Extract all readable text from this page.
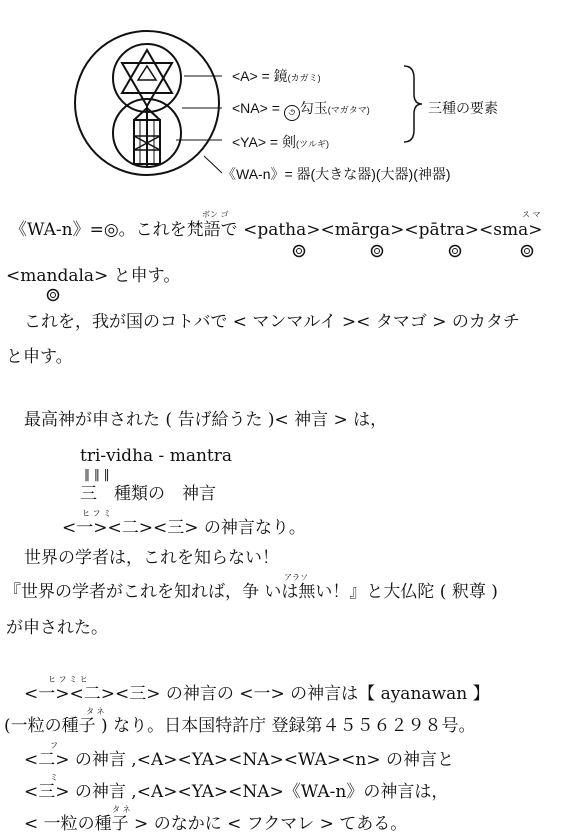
<A> = 鏡(カガミ)
<NA> = ૭ 勾玉(マガタマ)
<YA> = 剣(ツルギ)
《WA-n》= 器(大きな器)(大器)(神器)
三種の要素
ボン ゴ	ス マ
《WA-n》=◎。これを梵語で <patha><mārga><pātra><sma>
<mandala> と申す。
これを，我が国のコトバで < マンマルイ >< タマゴ > のカタチ
と申す。
最高神が申された ( 告げ給うた )< 神言 > は，
tri-vidha - mantra
‖ ‖ ‖
三　種類の　神言
ヒ フ ミ
<一><二><三> の神言なり。
世界の学者は，これを知らない！
アラソ
『世界の学者がこれを知れば，争 いは無い！』と大仏陀 ( 釈尊 )
が申された。
ヒ フ ミ ヒ
<一><二><三> の神言の <一> の神言は【 ayanawan 】
タ ネ
(一粒の種子 ) なり。日本国特許庁 登録第４５５６２９８号。
フ
<二> の神言 ,<A><YA><NA><WA><n> の神言と
ミ
<三> の神言 ,<A><YA><NA>《WA-n》の神言は，
タ ネ
< 一粒の種子 > のなかに < フクマレ > てある。
